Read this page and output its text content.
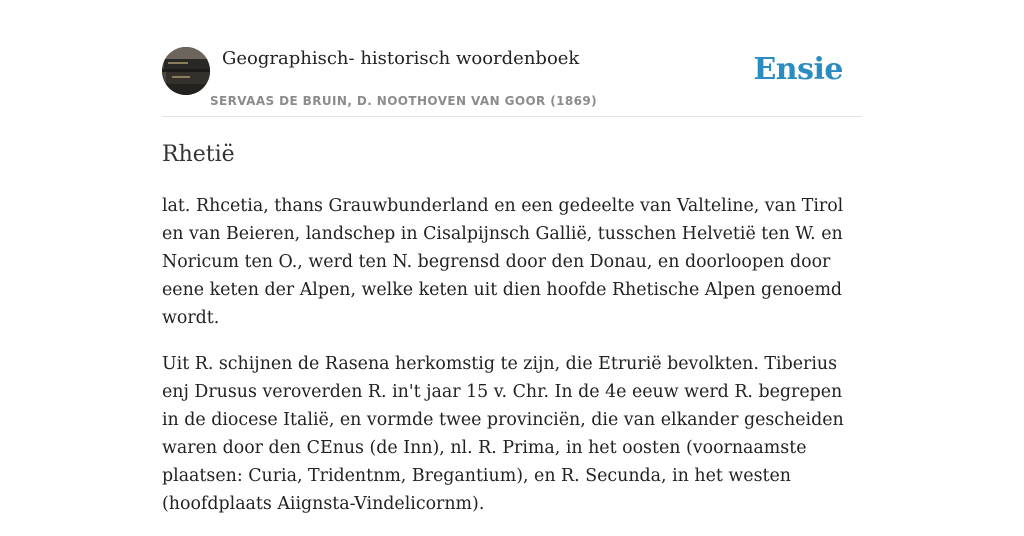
Geographisch- historisch woordenboek
SERVAAS DE BRUIN, D. NOOTHOVEN VAN GOOR (1869)
Ensie
Rhetië

lat. Rhcetia, thans Grauwbunderland en een gedeelte van Valteline, van Tirol en van Beieren, landschep in Cisalpijnsch Gallië, tusschen Helvetië ten W. en Noricum ten O., werd ten N. begrensd door den Donau, en doorloopen door eene keten der Alpen, welke keten uit dien hoofde Rhetische Alpen genoemd wordt.

Uit R. schijnen de Rasena herkomstig te zijn, die Etrurië bevolkten. Tiberius enj Drusus veroverden R. in't jaar 15 v. Chr. In de 4e eeuw werd R. begrepen in de diocese Italië, en vormde twee provinciën, die van elkander gescheiden waren door den CEnus (de Inn), nl. R. Prima, in het oosten (voornaamste plaatsen: Curia, Tridentnm, Bregantium), en R. Secunda, in het westen (hoofdplaats Aiignsta-Vindelicornm).
